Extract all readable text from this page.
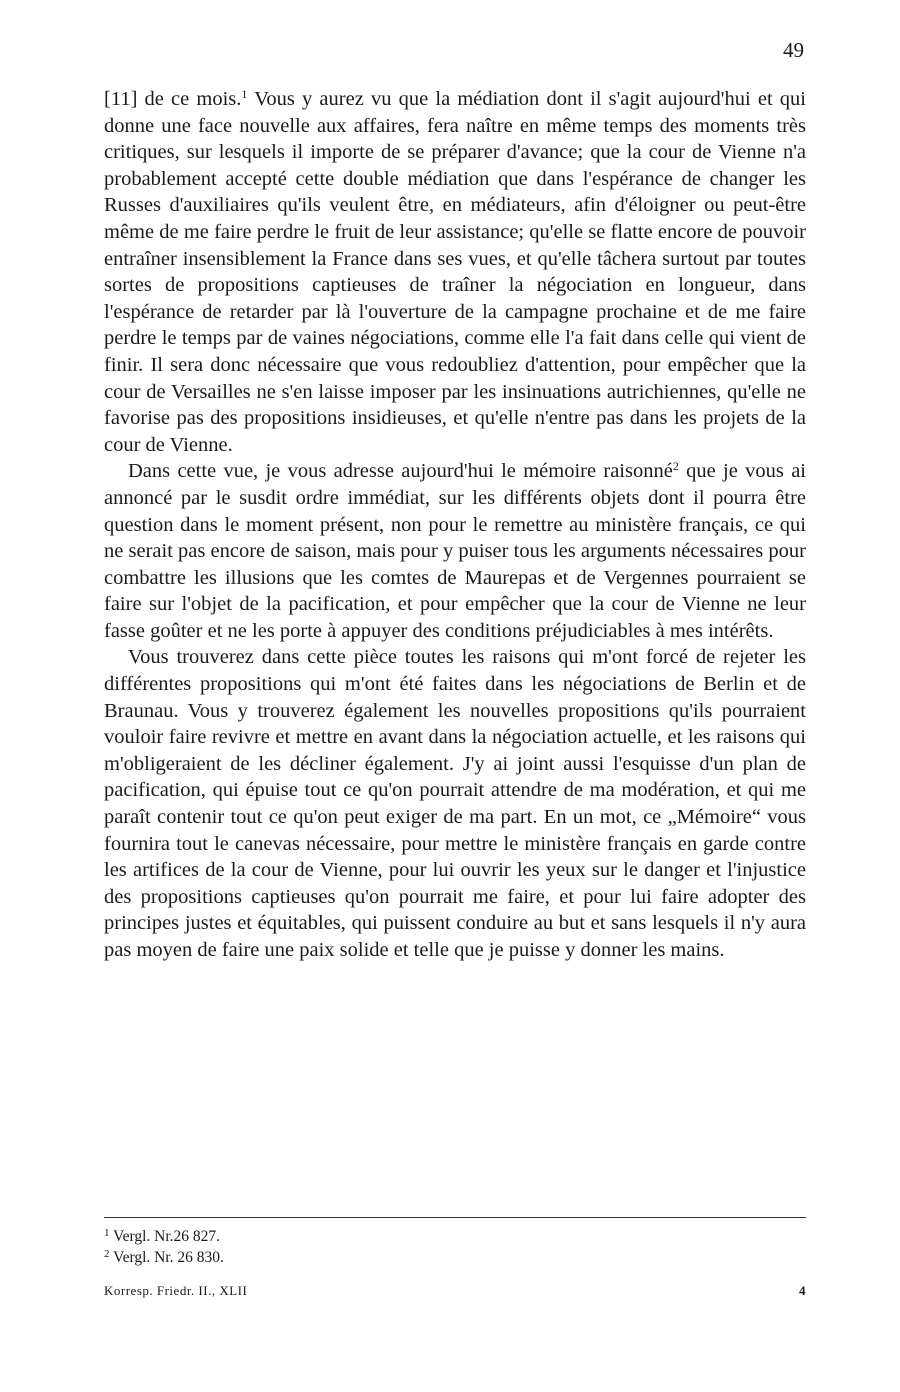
49

[11] de ce mois.$^1$ Vous y aurez vu que la médiation dont il s'agit aujourd'hui et qui donne une face nouvelle aux affaires, fera naître en même temps des moments très critiques, sur lesquels il importe de se préparer d'avance; que la cour de Vienne n'a probablement accepté cette double médiation que dans l'espérance de changer les Russes d'auxiliaires qu'ils veulent être, en médiateurs, afin d'éloigner ou peut-être même de me faire perdre le fruit de leur assistance; qu'elle se flatte encore de pouvoir entraîner insensiblement la France dans ses vues, et qu'elle tâchera surtout par toutes sortes de propositions captieuses de traîner la négociation en longueur, dans l'espérance de retarder par là l'ouverture de la campagne prochaine et de me faire perdre le temps par de vaines négociations, comme elle l'a fait dans celle qui vient de finir. Il sera donc nécessaire que vous redoubliez d'attention, pour empêcher que la cour de Versailles ne s'en laisse imposer par les insinuations autrichiennes, qu'elle ne favorise pas des propositions insidieuses, et qu'elle n'entre pas dans les projets de la cour de Vienne.

Dans cette vue, je vous adresse aujourd'hui le mémoire raisonné$^2$ que je vous ai annoncé par le susdit ordre immédiat, sur les différents objets dont il pourra être question dans le moment présent, non pour le remettre au ministère français, ce qui ne serait pas encore de saison, mais pour y puiser tous les arguments nécessaires pour combattre les illusions que les comtes de Maurepas et de Vergennes pourraient se faire sur l'objet de la pacification, et pour empêcher que la cour de Vienne ne leur fasse goûter et ne les porte à appuyer des conditions préjudiciables à mes intérêts.

Vous trouverez dans cette pièce toutes les raisons qui m'ont forcé de rejeter les différentes propositions qui m'ont été faites dans les négociations de Berlin et de Braunau. Vous y trouverez également les nouvelles propositions qu'ils pourraient vouloir faire revivre et mettre en avant dans la négociation actuelle, et les raisons qui m'obligeraient de les décliner également. J'y ai joint aussi l'esquisse d'un plan de pacification, qui épuise tout ce qu'on pourrait attendre de ma modération, et qui me paraît contenir tout ce qu'on peut exiger de ma part. En un mot, ce „Mémoire“ vous fournira tout le canevas nécessaire, pour mettre le ministère français en garde contre les artifices de la cour de Vienne, pour lui ouvrir les yeux sur le danger et l'injustice des propositions captieuses qu'on pourrait me faire, et pour lui faire adopter des principes justes et équitables, qui puissent conduire au but et sans lesquels il n'y aura pas moyen de faire une paix solide et telle que je puisse y donner les mains.

$^1$ Vergl. Nr.26 827.
$^2$ Vergl. Nr. 26 830.
Korresp. Friedr. II., XLII	4
